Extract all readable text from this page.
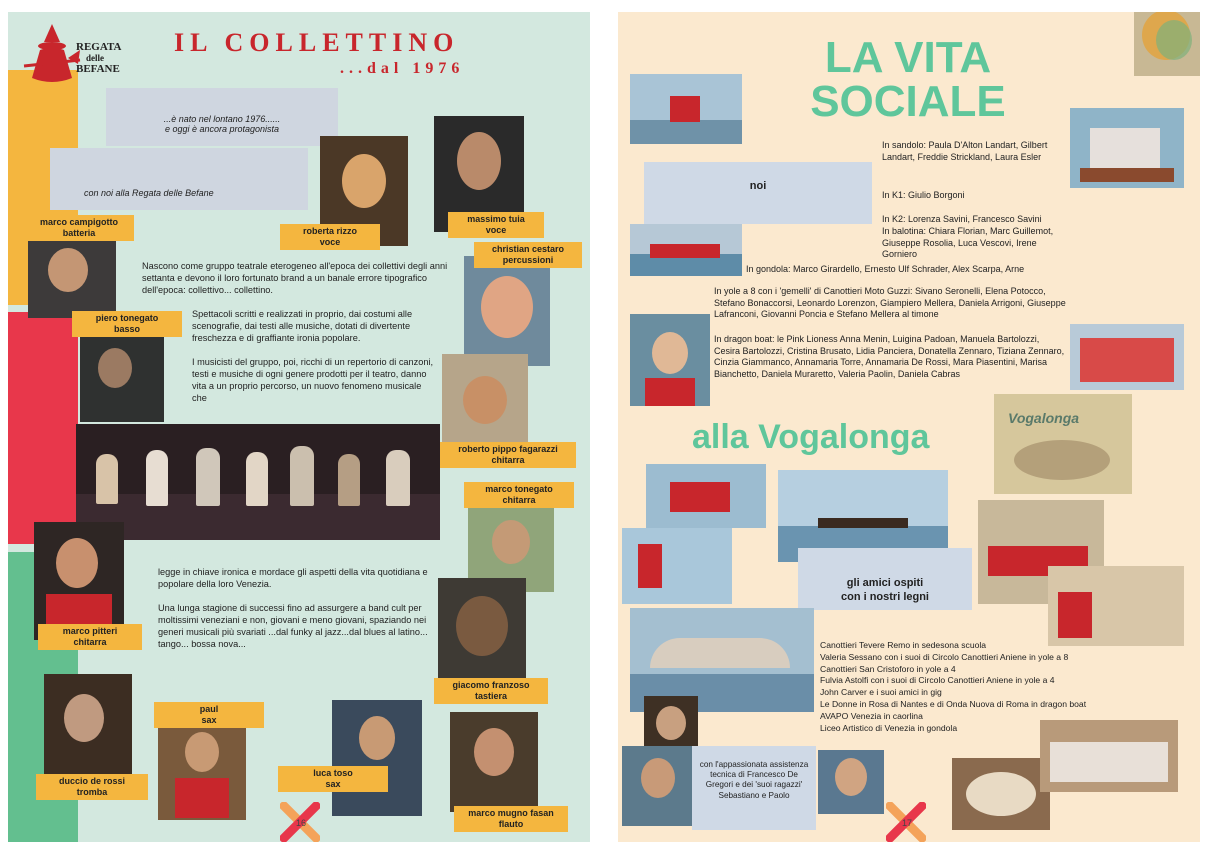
REGATA
delle
BEFANE
IL COLLETTINO
...dal 1976
...è nato nel lontano 1976......
e oggi è ancora protagonista
con noi alla Regata delle Befane
marco campigotto
batteria	roberta rizzo
voce
massimo tuia
voce
christian cestaro
percussioni
piero tonegato
basso
roberto pippo fagarazzi
chitarra
marco tonegato
chitarra
marco pitteri
chitarra
giacomo franzoso
tastiera
paul
sax
luca toso
sax
duccio de rossi
tromba
marco mugno fasan
flauto
Nascono come gruppo teatrale eterogeneo all'epoca dei collettivi degli anni settanta e devono il loro fortunato brand a un banale errore tipografico dell'epoca: collettivo... collettino.
Spettacoli scritti e realizzati in proprio, dai costumi alle scenografie, dai testi alle musiche, dotati di divertente freschezza e di graffiante ironia popolare.
I musicisti del gruppo, poi, ricchi di un repertorio di canzoni, testi e musiche di ogni genere prodotti per il teatro, danno vita a un proprio percorso, un nuovo fenomeno musicale che
legge in chiave ironica e mordace gli aspetti della vita quotidiana e popolare della loro Venezia.
Una lunga stagione di successi fino ad assurgere a band cult per moltissimi veneziani e non, giovani e meno giovani, spaziando nei generi musicali più svariati ...dal funky al jazz...dal blues al latino... tango... bossa nova...
16
LA VITA
SOCIALE
noi
In sandolo: Paula D'Alton Landart, Gilbert Landart, Freddie Strickland, Laura Esler
In K1: Giulio Borgoni
In K2: Lorenza Savini, Francesco Savini
In balotina: Chiara Florian, Marc Guillemot, Giuseppe Rosolia, Luca Vescovi, Irene Gorniero
In gondola: Marco Girardello, Ernesto Ulf Schrader, Alex Scarpa, Arne
In yole a 8 con i 'gemelli' di Canottieri Moto Guzzi: Sivano Seronelli, Elena Potocco, Stefano Bonaccorsi, Leonardo Lorenzon, Giampiero Mellera, Daniela Arrigoni, Giuseppe Lafranconi, Giovanni Poncia e Stefano Mellera al timone
In dragon boat: le Pink Lioness Anna Menin, Luigina Padoan, Manuela Bartolozzi, Cesira Bartolozzi, Cristina Brusato, Lidia Panciera, Donatella Zennaro, Tiziana Zennaro, Cinzia Giammanco, Annamaria Torre, Annamaria De Rossi, Mara Piasentini, Marisa Bianchetto, Daniela Muraretto, Valeria Paolin, Daniela Cabras
alla Vogalonga	Vogalonga
gli amici ospiti
con i nostri legni
Canottieri Tevere Remo in sedesona scuola
Valeria Sessano con i suoi di Circolo Canottieri Aniene in yole a 8
Canottieri San Cristoforo in yole a 4
Fulvia Astolfi con i suoi di Circolo Canottieri Aniene in yole a 4
John Carver e i suoi amici in gig
Le Donne in Rosa di Nantes e di Onda Nuova di Roma in dragon boat
AVAPO Venezia in caorlina
Liceo Artistico di Venezia in gondola
con l'appassionata assistenza tecnica di Francesco De Gregori e dei 'suoi ragazzi' Sebastiano e Paolo
17
